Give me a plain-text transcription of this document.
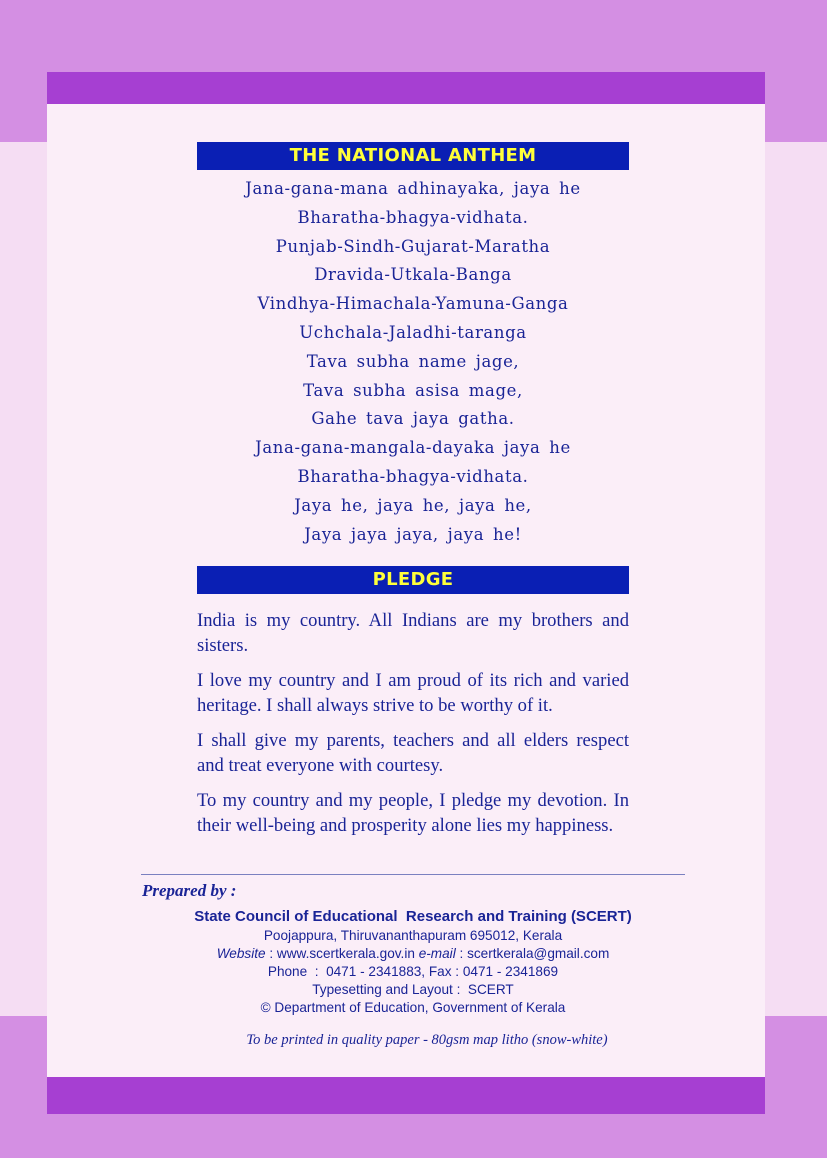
THE NATIONAL ANTHEM
Jana-gana-mana adhinayaka, jaya he
Bharatha-bhagya-vidhata.
Punjab-Sindh-Gujarat-Maratha
Dravida-Utkala-Banga
Vindhya-Himachala-Yamuna-Ganga
Uchchala-Jaladhi-taranga
Tava subha name jage,
Tava subha asisa mage,
Gahe tava jaya gatha.
Jana-gana-mangala-dayaka jaya he
Bharatha-bhagya-vidhata.
Jaya he, jaya he, jaya he,
Jaya jaya jaya, jaya he!
PLEDGE

India is my country. All Indians are my brothers and sisters.

I love my country and I am proud of its rich and varied heritage. I shall always strive to be worthy of it.

I shall give my parents, teachers and all elders respect and treat everyone with courtesy.

To my country and my people, I pledge my devotion. In their well-being and prosperity alone lies my happiness.

Prepared by :
State Council of Educational  Research and Training (SCERT)
Poojappura, Thiruvananthapuram 695012, Kerala
Website : www.scertkerala.gov.in e-mail : scertkerala@gmail.com
Phone  :  0471 - 2341883, Fax : 0471 - 2341869
Typesetting and Layout :  SCERT
© Department of Education, Government of Kerala
To be printed in quality paper - 80gsm map litho (snow-white)
